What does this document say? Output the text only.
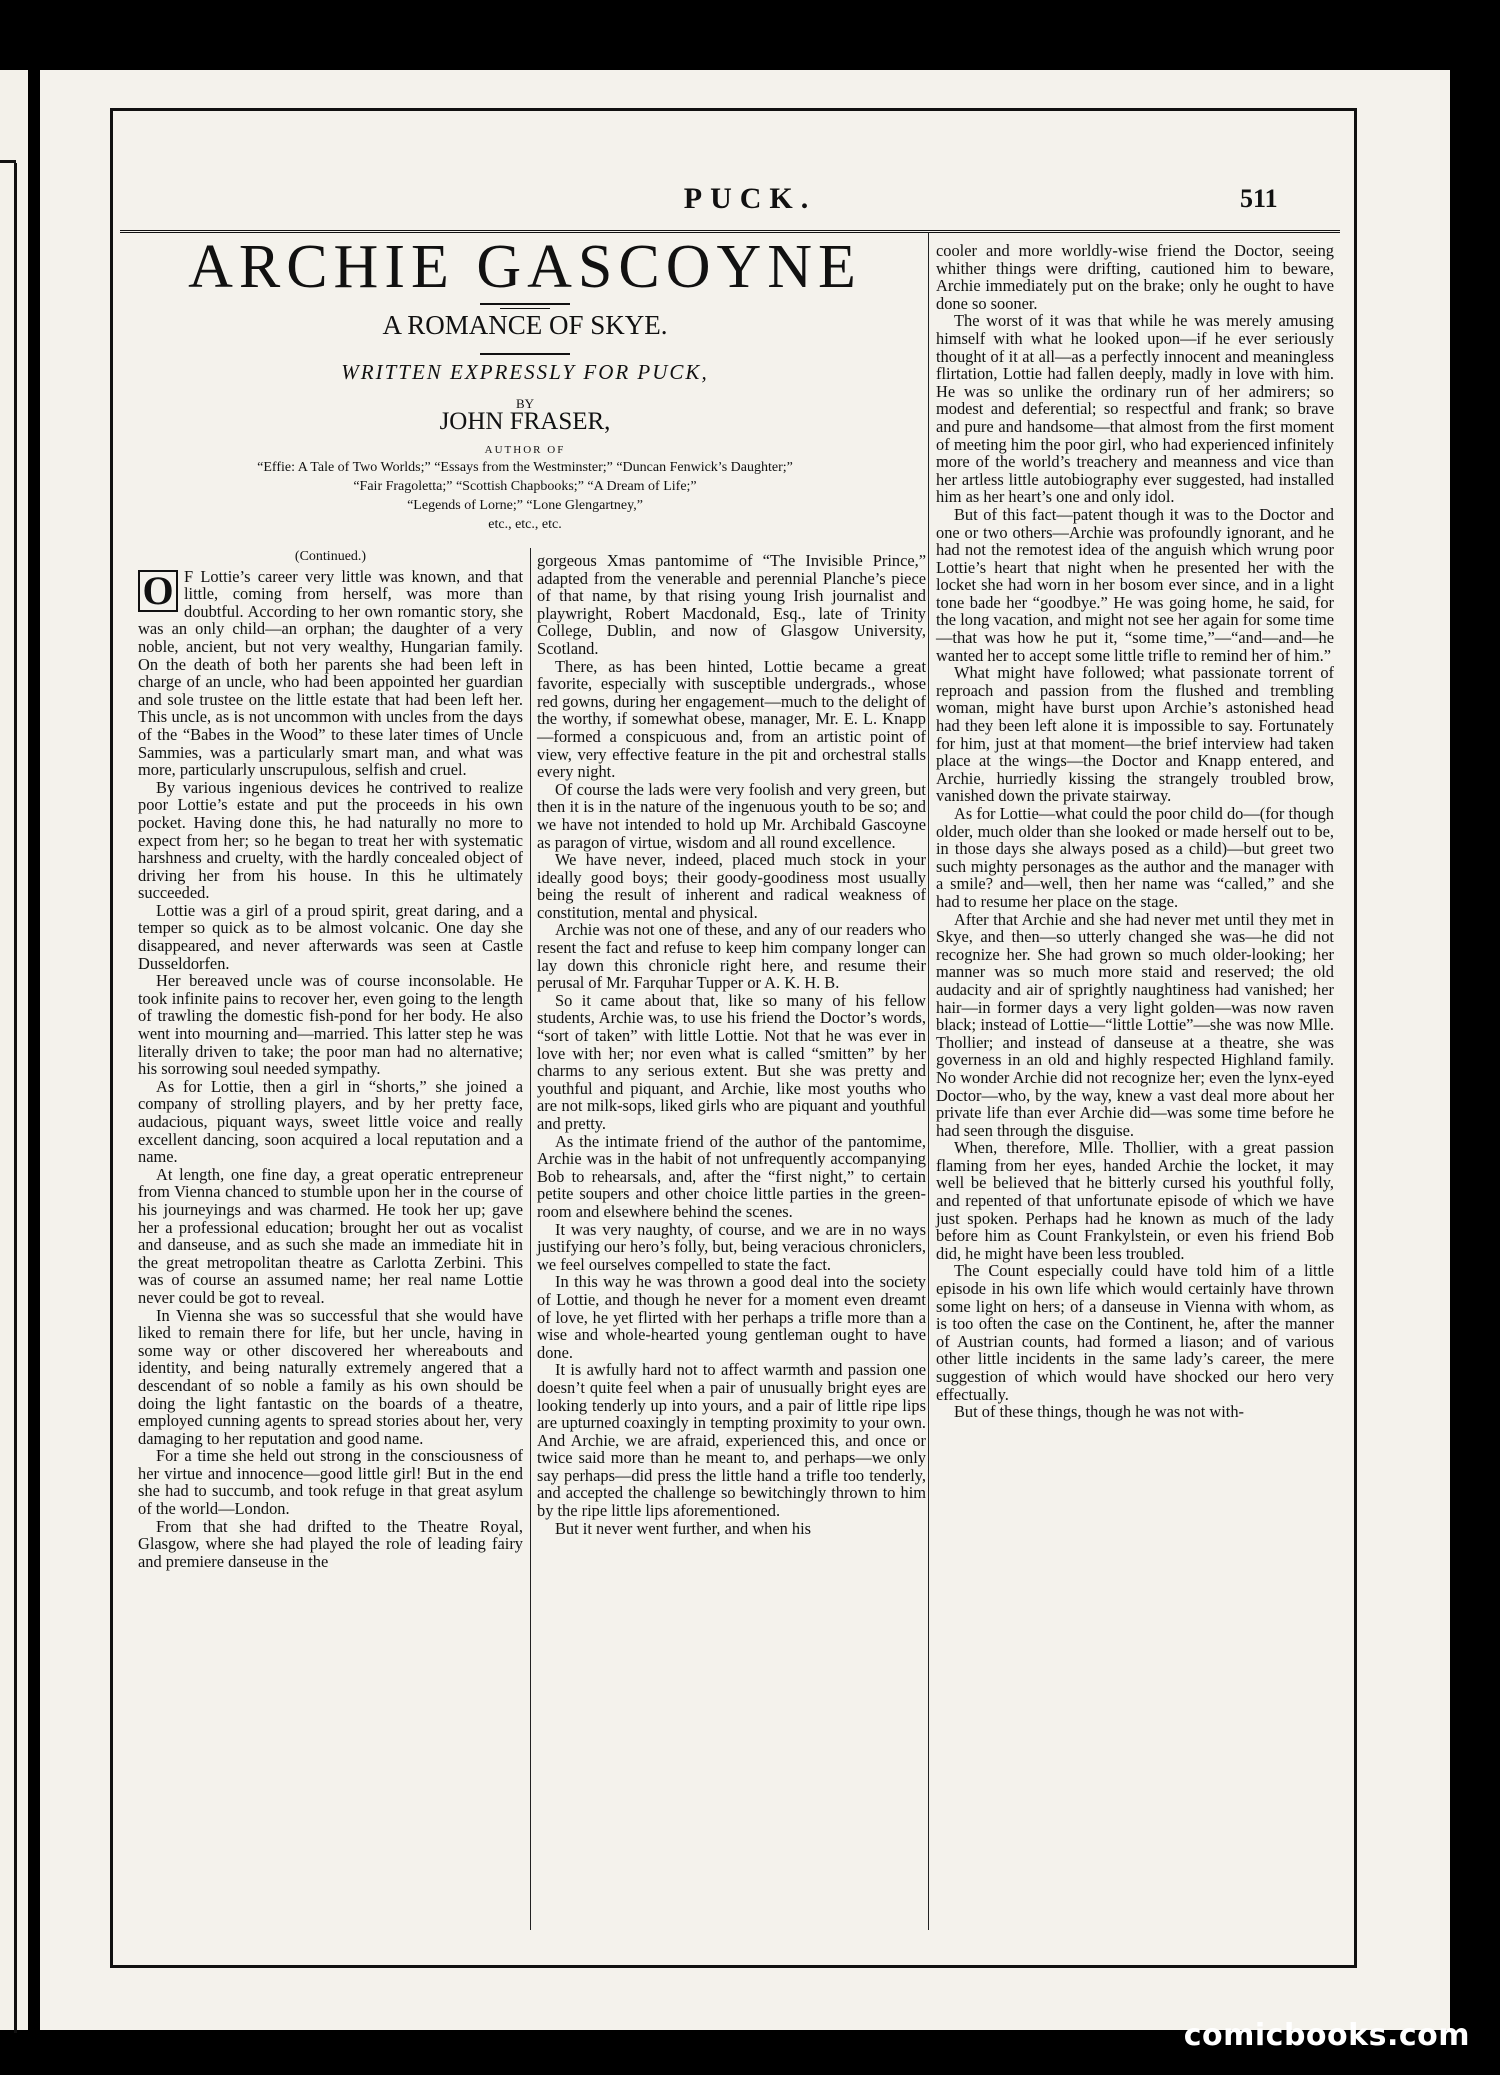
PUCK.	511
ARCHIE GASCOYNE
A ROMANCE OF SKYE.
WRITTEN EXPRESSLY FOR PUCK,
BY
JOHN FRASER,
AUTHOR OF
“Effie: A Tale of Two Worlds;” “Essays from the Westminster;” “Duncan Fenwick’s Daughter;”
“Fair Fragoletta;” “Scottish Chapbooks;” “A Dream of Life;”
“Legends of Lorne;” “Lone Glengartney,”
etc., etc., etc.
(Continued.)

O F Lottie’s career very little was known, and that little, coming from herself, was more than doubtful. According to her own romantic story, she was an only child—an orphan; the daughter of a very noble, ancient, but not very wealthy, Hungarian family. On the death of both her parents she had been left in charge of an uncle, who had been appointed her guardian and sole trustee on the little estate that had been left her. This uncle, as is not uncommon with uncles from the days of the “Babes in the Wood” to these later times of Uncle Sammies, was a particularly smart man, and what was more, particularly unscrupulous, selfish and cruel.

By various ingenious devices he contrived to realize poor Lottie’s estate and put the proceeds in his own pocket. Having done this, he had naturally no more to expect from her; so he began to treat her with systematic harshness and cruelty, with the hardly concealed object of driving her from his house. In this he ultimately succeeded.

Lottie was a girl of a proud spirit, great daring, and a temper so quick as to be almost volcanic. One day she disappeared, and never afterwards was seen at Castle Dusseldorfen.

Her bereaved uncle was of course inconsolable. He took infinite pains to recover her, even going to the length of trawling the domestic fish-pond for her body. He also went into mourning and—married. This latter step he was literally driven to take; the poor man had no alternative; his sorrowing soul needed sympathy.

As for Lottie, then a girl in “shorts,” she joined a company of strolling players, and by her pretty face, audacious, piquant ways, sweet little voice and really excellent dancing, soon acquired a local reputation and a name.

At length, one fine day, a great operatic entrepreneur from Vienna chanced to stumble upon her in the course of his journeyings and was charmed. He took her up; gave her a professional education; brought her out as vocalist and danseuse, and as such she made an immediate hit in the great metropolitan theatre as Carlotta Zerbini. This was of course an assumed name; her real name Lottie never could be got to reveal.

In Vienna she was so successful that she would have liked to remain there for life, but her uncle, having in some way or other discovered her whereabouts and identity, and being naturally extremely angered that a descendant of so noble a family as his own should be doing the light fantastic on the boards of a theatre, employed cunning agents to spread stories about her, very damaging to her reputation and good name.

For a time she held out strong in the consciousness of her virtue and innocence—good little girl! But in the end she had to succumb, and took refuge in that great asylum of the world—London.

From that she had drifted to the Theatre Royal, Glasgow, where she had played the role of leading fairy and premiere danseuse in the

gorgeous Xmas pantomime of “The Invisible Prince,” adapted from the venerable and perennial Planche’s piece of that name, by that rising young Irish journalist and playwright, Robert Macdonald, Esq., late of Trinity College, Dublin, and now of Glasgow University, Scotland.

There, as has been hinted, Lottie became a great favorite, especially with susceptible undergrads., whose red gowns, during her engagement—much to the delight of the worthy, if somewhat obese, manager, Mr. E. L. Knapp—formed a conspicuous and, from an artistic point of view, very effective feature in the pit and orchestral stalls every night.

Of course the lads were very foolish and very green, but then it is in the nature of the ingenuous youth to be so; and we have not intended to hold up Mr. Archibald Gascoyne as paragon of virtue, wisdom and all round excellence.

We have never, indeed, placed much stock in your ideally good boys; their goody-goodiness most usually being the result of inherent and radical weakness of constitution, mental and physical.

Archie was not one of these, and any of our readers who resent the fact and refuse to keep him company longer can lay down this chronicle right here, and resume their perusal of Mr. Farquhar Tupper or A. K. H. B.

So it came about that, like so many of his fellow students, Archie was, to use his friend the Doctor’s words, “sort of taken” with little Lottie. Not that he was ever in love with her; nor even what is called “smitten” by her charms to any serious extent. But she was pretty and youthful and piquant, and Archie, like most youths who are not milk-sops, liked girls who are piquant and youthful and pretty.

As the intimate friend of the author of the pantomime, Archie was in the habit of not unfrequently accompanying Bob to rehearsals, and, after the “first night,” to certain petite soupers and other choice little parties in the green-room and elsewhere behind the scenes.

It was very naughty, of course, and we are in no ways justifying our hero’s folly, but, being veracious chroniclers, we feel ourselves compelled to state the fact.

In this way he was thrown a good deal into the society of Lottie, and though he never for a moment even dreamt of love, he yet flirted with her perhaps a trifle more than a wise and whole-hearted young gentleman ought to have done.

It is awfully hard not to affect warmth and passion one doesn’t quite feel when a pair of unusually bright eyes are looking tenderly up into yours, and a pair of little ripe lips are upturned coaxingly in tempting proximity to your own. And Archie, we are afraid, experienced this, and once or twice said more than he meant to, and perhaps—we only say perhaps—did press the little hand a trifle too tenderly, and accepted the challenge so bewitchingly thrown to him by the ripe little lips aforementioned.

But it never went further, and when his

cooler and more worldly-wise friend the Doctor, seeing whither things were drifting, cautioned him to beware, Archie immediately put on the brake; only he ought to have done so sooner.

The worst of it was that while he was merely amusing himself with what he looked upon—if he ever seriously thought of it at all—as a perfectly innocent and meaningless flirtation, Lottie had fallen deeply, madly in love with him. He was so unlike the ordinary run of her admirers; so modest and deferential; so respectful and frank; so brave and pure and handsome—that almost from the first moment of meeting him the poor girl, who had experienced infinitely more of the world’s treachery and meanness and vice than her artless little autobiography ever suggested, had installed him as her heart’s one and only idol.

But of this fact—patent though it was to the Doctor and one or two others—Archie was profoundly ignorant, and he had not the remotest idea of the anguish which wrung poor Lottie’s heart that night when he presented her with the locket she had worn in her bosom ever since, and in a light tone bade her “goodbye.” He was going home, he said, for the long vacation, and might not see her again for some time—that was how he put it, “some time,”—“and—and—he wanted her to accept some little trifle to remind her of him.”

What might have followed; what passionate torrent of reproach and passion from the flushed and trembling woman, might have burst upon Archie’s astonished head had they been left alone it is impossible to say. Fortunately for him, just at that moment—the brief interview had taken place at the wings—the Doctor and Knapp entered, and Archie, hurriedly kissing the strangely troubled brow, vanished down the private stairway.

As for Lottie—what could the poor child do—(for though older, much older than she looked or made herself out to be, in those days she always posed as a child)—but greet two such mighty personages as the author and the manager with a smile? and—well, then her name was “called,” and she had to resume her place on the stage.

After that Archie and she had never met until they met in Skye, and then—so utterly changed she was—he did not recognize her. She had grown so much older-looking; her manner was so much more staid and reserved; the old audacity and air of sprightly naughtiness had vanished; her hair—in former days a very light golden—was now raven black; instead of Lottie—“little Lottie”—she was now Mlle. Thollier; and instead of danseuse at a theatre, she was governess in an old and highly respected Highland family. No wonder Archie did not recognize her; even the lynx-eyed Doctor—who, by the way, knew a vast deal more about her private life than ever Archie did—was some time before he had seen through the disguise.

When, therefore, Mlle. Thollier, with a great passion flaming from her eyes, handed Archie the locket, it may well be believed that he bitterly cursed his youthful folly, and repented of that unfortunate episode of which we have just spoken. Perhaps had he known as much of the lady before him as Count Frankylstein, or even his friend Bob did, he might have been less troubled.

The Count especially could have told him of a little episode in his own life which would certainly have thrown some light on hers; of a danseuse in Vienna with whom, as is too often the case on the Continent, he, after the manner of Austrian counts, had formed a liason; and of various other little incidents in the same lady’s career, the mere suggestion of which would have shocked our hero very effectually.

But of these things, though he was not with-

comicbooks.com
